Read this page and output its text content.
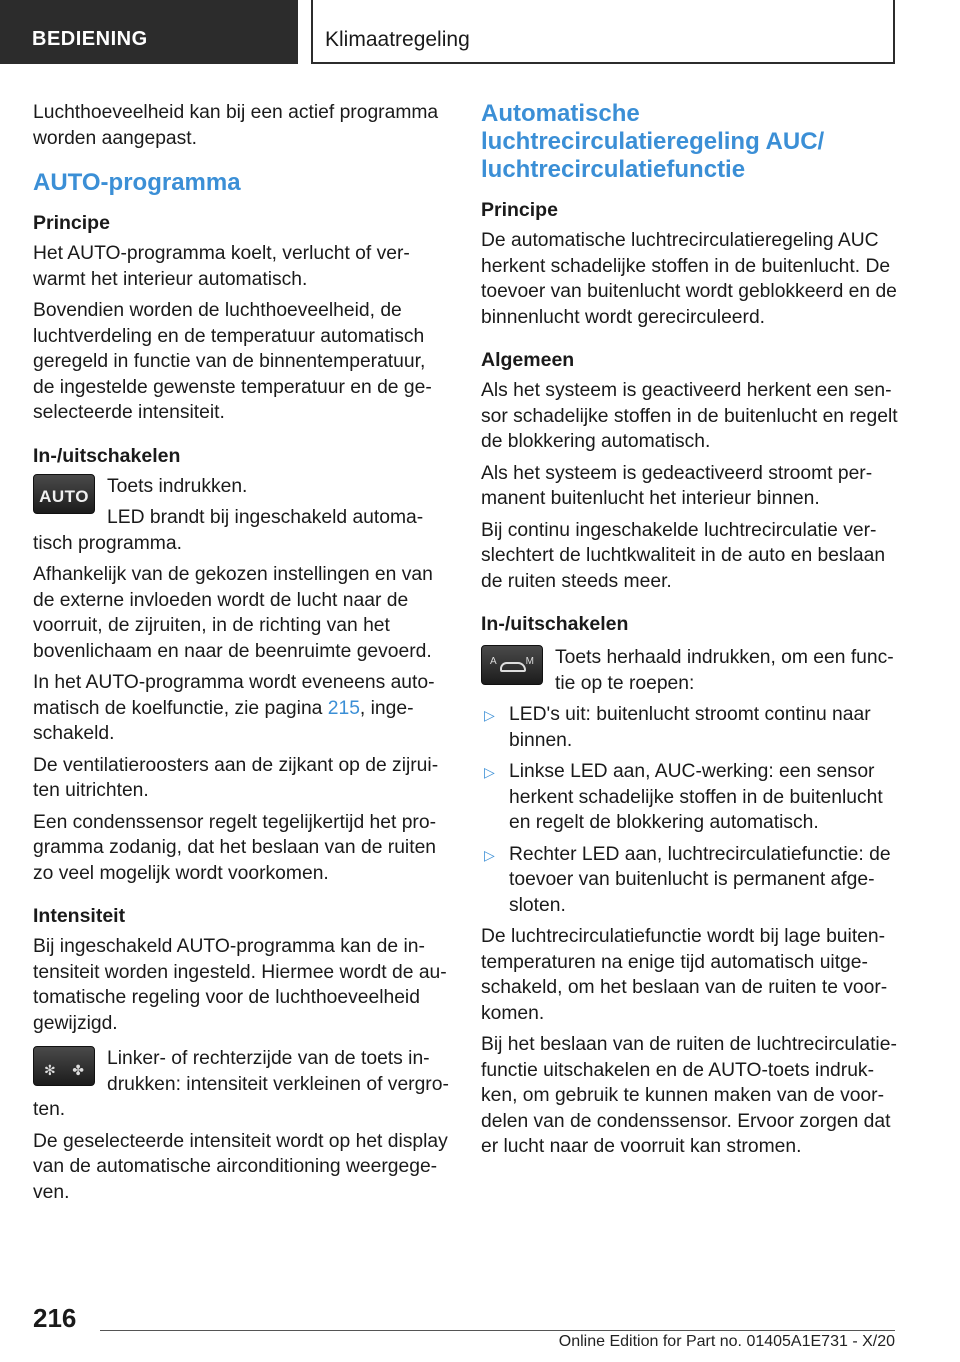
BEDIENING	Klimaatregeling

Luchthoeveelheid kan bij een actief programma worden aangepast.

AUTO-programma
Principe

Het AUTO-programma koelt, verlucht of verwarmt het interieur automatisch.

Bovendien worden de luchthoeveelheid, de luchtverdeling en de temperatuur automatisch geregeld in functie van de binnentemperatuur, de ingestelde gewenste temperatuur en de geselecteerde intensiteit.

In-/uitschakelen
AUTO Toets indrukken.

LED brandt bij ingeschakeld automatisch programma.

Afhankelijk van de gekozen instellingen en van de externe invloeden wordt de lucht naar de voorruit, de zijruiten, in de richting van het bovenlichaam en naar de beenruimte gevoerd.

In het AUTO-programma wordt eveneens automatisch de koelfunctie, zie pagina 215, ingeschakeld.

De ventilatieroosters aan de zijkant op de zijruiten uitrichten.

Een condenssensor regelt tegelijkertijd het programma zodanig, dat het beslaan van de ruiten zo veel mogelijk wordt voorkomen.

Intensiteit

Bij ingeschakeld AUTO-programma kan de intensiteit worden ingesteld. Hiermee wordt de automatische regeling voor de luchthoeveelheid gewijzigd.

✻ ✤

Linker- of rechterzijde van de toets indrukken: intensiteit verkleinen of vergroten.

De geselecteerde intensiteit wordt op het display van de automatische airconditioning weergegeven.

Automatische luchtrecirculatieregeling AUC/ luchtrecirculatiefunctie
Principe

De automatische luchtrecirculatieregeling AUC herkent schadelijke stoffen in de buitenlucht. De toevoer van buitenlucht wordt geblokkeerd en de binnenlucht wordt gerecirculeerd.

Algemeen

Als het systeem is geactiveerd herkent een sensor schadelijke stoffen in de buitenlucht en regelt de blokkering automatisch.

Als het systeem is gedeactiveerd stroomt permanent buitenlucht het interieur binnen.

Bij continu ingeschakelde luchtrecirculatie verslechtert de luchtkwaliteit in de auto en beslaan de ruiten steeds meer.

In-/uitschakelen
A	M	Toets herhaald indrukken, om een functie op te roepen:

▷ LED's uit: buitenlucht stroomt continu naar binnen.
▷ Linkse LED aan, AUC-werking: een sensor herkent schadelijke stoffen in de buitenlucht en regelt de blokkering automatisch.
▷ Rechter LED aan, luchtrecirculatiefunctie: de toevoer van buitenlucht is permanent afgesloten.

De luchtrecirculatiefunctie wordt bij lage buitentemperaturen na enige tijd automatisch uitgeschakeld, om het beslaan van de ruiten te voorkomen.

Bij het beslaan van de ruiten de luchtrecirculatiefunctie uitschakelen en de AUTO-toets indrukken, om gebruik te kunnen maken van de voordelen van de condenssensor. Ervoor zorgen dat er lucht naar de voorruit kan stromen.

216
Online Edition for Part no. 01405A1E731 - X/20
